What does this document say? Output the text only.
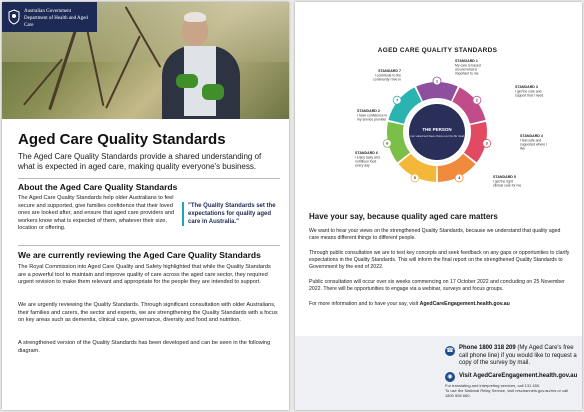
Australian Government
Department of Health and Aged Care
Aged Care Quality Standards

The Aged Care Quality Standards provide a shared understanding of what is expected in aged care, making quality everyone's business.

About the Aged Care Quality Standards

The Aged Care Quality Standards help older Australians to feel secure and supported, give families confidence that their loved ones are looked after, and ensure that aged care providers and workers know what is expected of them, whatever their size, location or offering.

"The Quality Standards set the expectations for quality aged care in Australia."
We are currently reviewing the Aged Care Quality Standards

The Royal Commission into Aged Care Quality and Safety highlighted that while the Quality Standards are a powerful tool to maintain and improve quality of care across the aged care sector, they required urgent revision to make them relevant and appropriate for the people they are intended to support.

We are urgently reviewing the Quality Standards. Through significant consultation with older Australians, their families and carers, the sector and experts, we are strengthening the Quality Standards with a focus on key areas such as dementia, clinical care, governance, diversity and food and nutrition.

A strengthened version of the Quality Standards has been developed and can be seen in the following diagram.

AGED CARE QUALITY STANDARDS
1
2
3
4
5
6
7
THE PERSON
I am valued and have choice over the life I lead
STANDARD 1
My care is based
around what is
important to me
STANDARD 2
I have confidence in
my service provider
STANDARD 3
I get the care and
support that I need
STANDARD 4
I feel safe and
supported where I
live
STANDARD 5
I get the right
clinical care for me
STANDARD 6
I enjoy tasty and
nutritious food
every day
STANDARD 7
I contribute to the
community I live in
Have your say, because quality aged care matters

We want to hear your views on the strengthened Quality Standards, because we understand that quality aged care means different things to different people.

Through public consultation we are to test key concepts and seek feedback on any gaps or opportunities to clarify expectations in the Quality Standards. This will inform the final report on the strengthened Quality Standards to Government by the end of 2022.

Public consultation will occur over six weeks commencing on 17 October 2022 and concluding on 25 November 2022. There will be opportunities to engage via a webinar, surveys and focus groups.

For more information and to have your say, visit AgedCareEngagement.health.gov.au

☎ Phone 1800 318 209 (My Aged Care's free call phone line) if you would like to request a copy of the survey by mail.
◉	Visit AgedCareEngagement.health.gov.au
For translating and interpreting services, call 131 450.
To use the National Relay Service, visit nrschannels.gov.au/nrs or call 1800 555 660.
